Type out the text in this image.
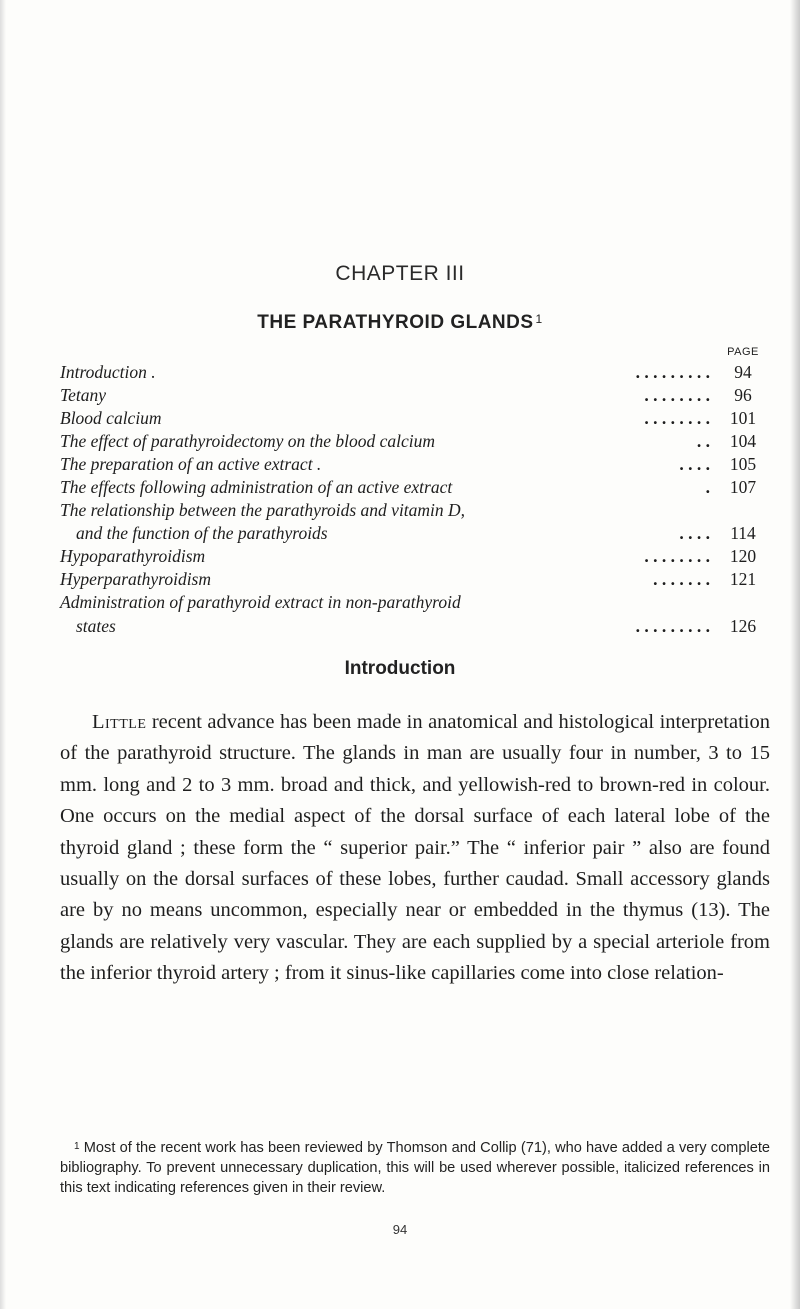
CHAPTER III
THE PARATHYROID GLANDS $^1$
PAGE
Introduction .	. . . . . . . . .	94
Tetany	. . . . . . . .	96
Blood calcium	. . . . . . . .	101
The effect of parathyroidectomy on the blood calcium	. .	104
The preparation of an active extract .	. . . .	105
The effects following administration of an active extract	.	107
The relationship between the parathyroids and vitamin D,
and the function of the parathyroids	. . . .	114
Hypoparathyroidism	. . . . . . . .	120
Hyperparathyroidism	. . . . . . .	121
Administration of parathyroid extract in non-parathyroid
states	. . . . . . . . .	126
Introduction

Little recent advance has been made in anatomical and histological interpretation of the parathyroid structure. The glands in man are usually four in number, 3 to 15 mm. long and 2 to 3 mm. broad and thick, and yellowish-red to brown-red in colour. One occurs on the medial aspect of the dorsal surface of each lateral lobe of the thyroid gland ; these form the “ superior pair.” The “ inferior pair ” also are found usually on the dorsal surfaces of these lobes, further caudad. Small accessory glands are by no means uncommon, especially near or embedded in the thymus (13). The glands are relatively very vascular. They are each supplied by a special arteriole from the inferior thyroid artery ; from it sinus-like capillaries come into close relation-

$^1$ Most of the recent work has been reviewed by Thomson and Collip (71), who have added a very complete bibliography. To prevent unnecessary duplication, this will be used wherever possible, italicized references in this text indicating references given in their review.

94
